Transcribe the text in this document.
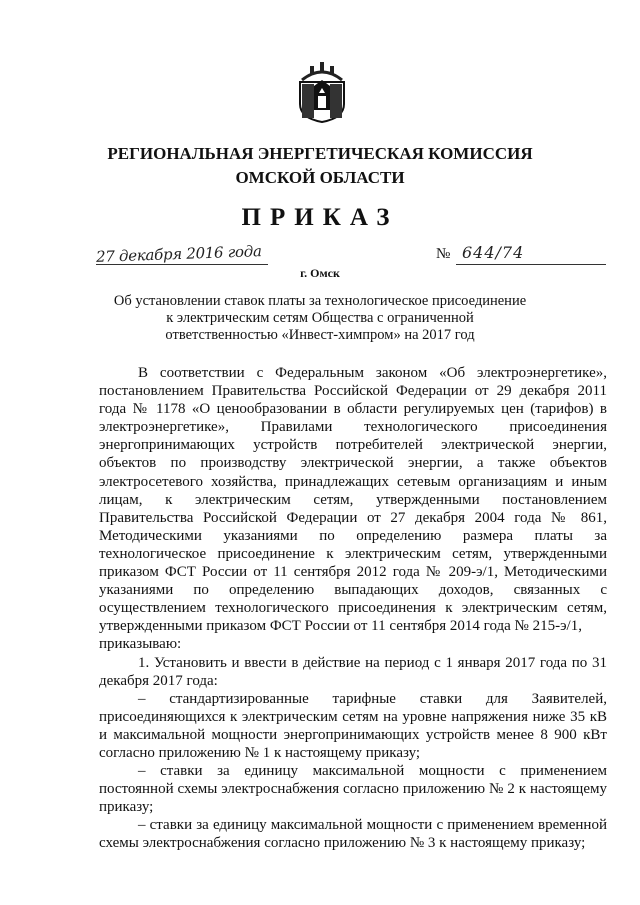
РЕГИОНАЛЬНАЯ ЭНЕРГЕТИЧЕСКАЯ КОМИССИЯ
ОМСКОЙ ОБЛАСТИ
ПРИКАЗ
27 декабря 2016 года	№ 644/74
г. Омск
Об установлении ставок платы за технологическое присоединение
к электрическим сетям Общества с ограниченной
ответственностью «Инвест-химпром» на 2017 год

В соответствии с Федеральным законом «Об электроэнергетике», постановлением Правительства Российской Федерации от 29 декабря 2011 года № 1178 «О ценообразовании в области регулируемых цен (тарифов) в электроэнергетике», Правилами технологического присоединения энергопринимающих устройств потребителей электрической энергии, объектов по производству электрической энергии, а также объектов электросетевого хозяйства, принадлежащих сетевым организациям и иным лицам, к электрическим сетям, утвержденными постановлением Правительства Российской Федерации от 27 декабря 2004 года № 861, Методическими указаниями по определению размера платы за технологическое присоединение к электрическим сетям, утвержденными приказом ФСТ России от 11 сентября 2012 года № 209-э/1, Методическими указаниями по определению выпадающих доходов, связанных с осуществлением технологического присоединения к электрическим сетям, утвержденными приказом ФСТ России от 11 сентября 2014 года № 215-э/1,

приказываю:

1. Установить и ввести в действие на период с 1 января 2017 года по 31 декабря 2017 года:

– стандартизированные тарифные ставки для Заявителей, присоединяющихся к электрическим сетям на уровне напряжения ниже 35 кВ и максимальной мощности энергопринимающих устройств менее 8 900 кВт согласно приложению № 1 к настоящему приказу;

– ставки за единицу максимальной мощности с применением постоянной схемы электроснабжения согласно приложению № 2 к настоящему приказу;

– ставки за единицу максимальной мощности с применением временной схемы электроснабжения согласно приложению № 3 к настоящему приказу;
